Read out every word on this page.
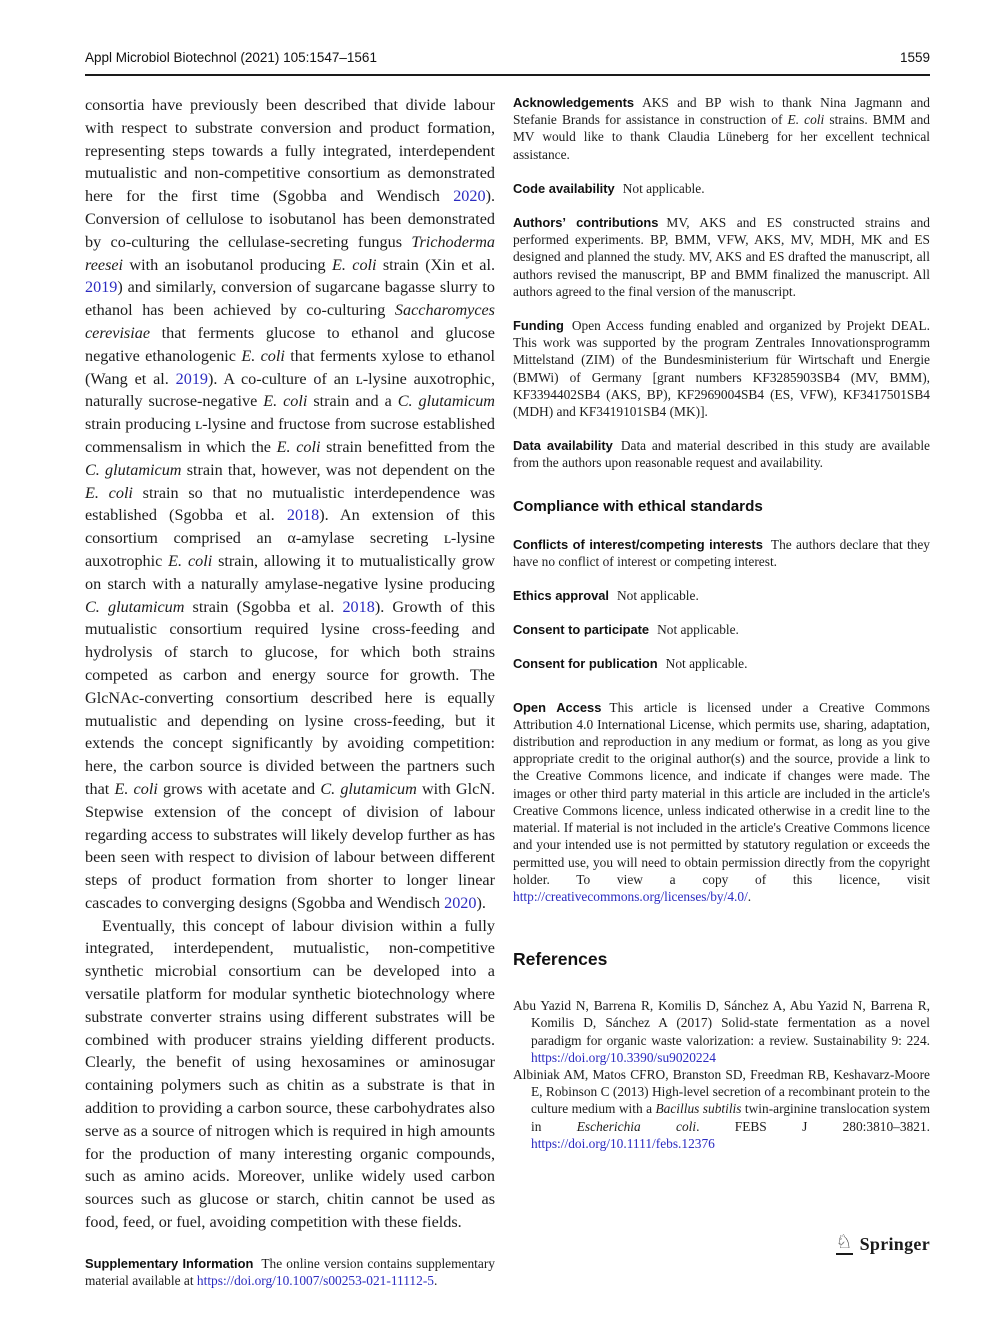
Appl Microbiol Biotechnol (2021) 105:1547–1561	1559

consortia have previously been described that divide labour with respect to substrate conversion and product formation, representing steps towards a fully integrated, interdependent mutualistic and non-competitive consortium as demonstrated here for the first time (Sgobba and Wendisch 2020). Conversion of cellulose to isobutanol has been demonstrated by co-culturing the cellulase-secreting fungus Trichoderma reesei with an isobutanol producing E. coli strain (Xin et al. 2019) and similarly, conversion of sugarcane bagasse slurry to ethanol has been achieved by co-culturing Saccharomyces cerevisiae that ferments glucose to ethanol and glucose negative ethanologenic E. coli that ferments xylose to ethanol (Wang et al. 2019). A co-culture of an ʟ-lysine auxotrophic, naturally sucrose-negative E. coli strain and a C. glutamicum strain producing ʟ-lysine and fructose from sucrose established commensalism in which the E. coli strain benefitted from the C. glutamicum strain that, however, was not dependent on the E. coli strain so that no mutualistic interdependence was established (Sgobba et al. 2018). An extension of this consortium comprised an α-amylase secreting ʟ-lysine auxotrophic E. coli strain, allowing it to mutualistically grow on starch with a naturally amylase-negative lysine producing C. glutamicum strain (Sgobba et al. 2018). Growth of this mutualistic consortium required lysine cross-feeding and hydrolysis of starch to glucose, for which both strains competed as carbon and energy source for growth. The GlcNAc-converting consortium described here is equally mutualistic and depending on lysine cross-feeding, but it extends the concept significantly by avoiding competition: here, the carbon source is divided between the partners such that E. coli grows with acetate and C. glutamicum with GlcN. Stepwise extension of the concept of division of labour regarding access to substrates will likely develop further as has been seen with respect to division of labour between different steps of product formation from shorter to longer linear cascades to converging designs (Sgobba and Wendisch 2020).

Eventually, this concept of labour division within a fully integrated, interdependent, mutualistic, non-competitive synthetic microbial consortium can be developed into a versatile platform for modular synthetic biotechnology where substrate converter strains using different substrates will be combined with producer strains yielding different products. Clearly, the benefit of using hexosamines or aminosugar containing polymers such as chitin as a substrate is that in addition to providing a carbon source, these carbohydrates also serve as a source of nitrogen which is required in high amounts for the production of many interesting organic compounds, such as amino acids. Moreover, unlike widely used carbon sources such as glucose or starch, chitin cannot be used as food, feed, or fuel, avoiding competition with these fields.

Supplementary Information The online version contains supplementary material available at https://doi.org/10.1007/s00253-021-11112-5.

Acknowledgements AKS and BP wish to thank Nina Jagmann and Stefanie Brands for assistance in construction of E. coli strains. BMM and MV would like to thank Claudia Lüneberg for her excellent technical assistance.

Code availability Not applicable.

Authors’ contributions MV, AKS and ES constructed strains and performed experiments. BP, BMM, VFW, AKS, MV, MDH, MK and ES designed and planned the study. MV, AKS and ES drafted the manuscript, all authors revised the manuscript, BP and BMM finalized the manuscript. All authors agreed to the final version of the manuscript.

Funding Open Access funding enabled and organized by Projekt DEAL. This work was supported by the program Zentrales Innovationsprogramm Mittelstand (ZIM) of the Bundesministerium für Wirtschaft und Energie (BMWi) of Germany [grant numbers KF3285903SB4 (MV, BMM), KF3394402SB4 (AKS, BP), KF2969004SB4 (ES, VFW), KF3417501SB4 (MDH) and KF3419101SB4 (MK)].

Data availability Data and material described in this study are available from the authors upon reasonable request and availability.

Compliance with ethical standards

Conflicts of interest/competing interests The authors declare that they have no conflict of interest or competing interest.

Ethics approval Not applicable.

Consent to participate Not applicable.

Consent for publication Not applicable.

Open Access This article is licensed under a Creative Commons Attribution 4.0 International License, which permits use, sharing, adaptation, distribution and reproduction in any medium or format, as long as you give appropriate credit to the original author(s) and the source, provide a link to the Creative Commons licence, and indicate if changes were made. The images or other third party material in this article are included in the article's Creative Commons licence, unless indicated otherwise in a credit line to the material. If material is not included in the article's Creative Commons licence and your intended use is not permitted by statutory regulation or exceeds the permitted use, you will need to obtain permission directly from the copyright holder. To view a copy of this licence, visit http://creativecommons.org/licenses/by/4.0/.

References

Abu Yazid N, Barrena R, Komilis D, Sánchez A, Abu Yazid N, Barrena R, Komilis D, Sánchez A (2017) Solid-state fermentation as a novel paradigm for organic waste valorization: a review. Sustainability 9: 224. https://doi.org/10.3390/su9020224

Albiniak AM, Matos CFRO, Branston SD, Freedman RB, Keshavarz-Moore E, Robinson C (2013) High-level secretion of a recombinant protein to the culture medium with a Bacillus subtilis twin-arginine translocation system in Escherichia coli. FEBS J 280:3810–3821. https://doi.org/10.1111/febs.12376

♘ Springer
